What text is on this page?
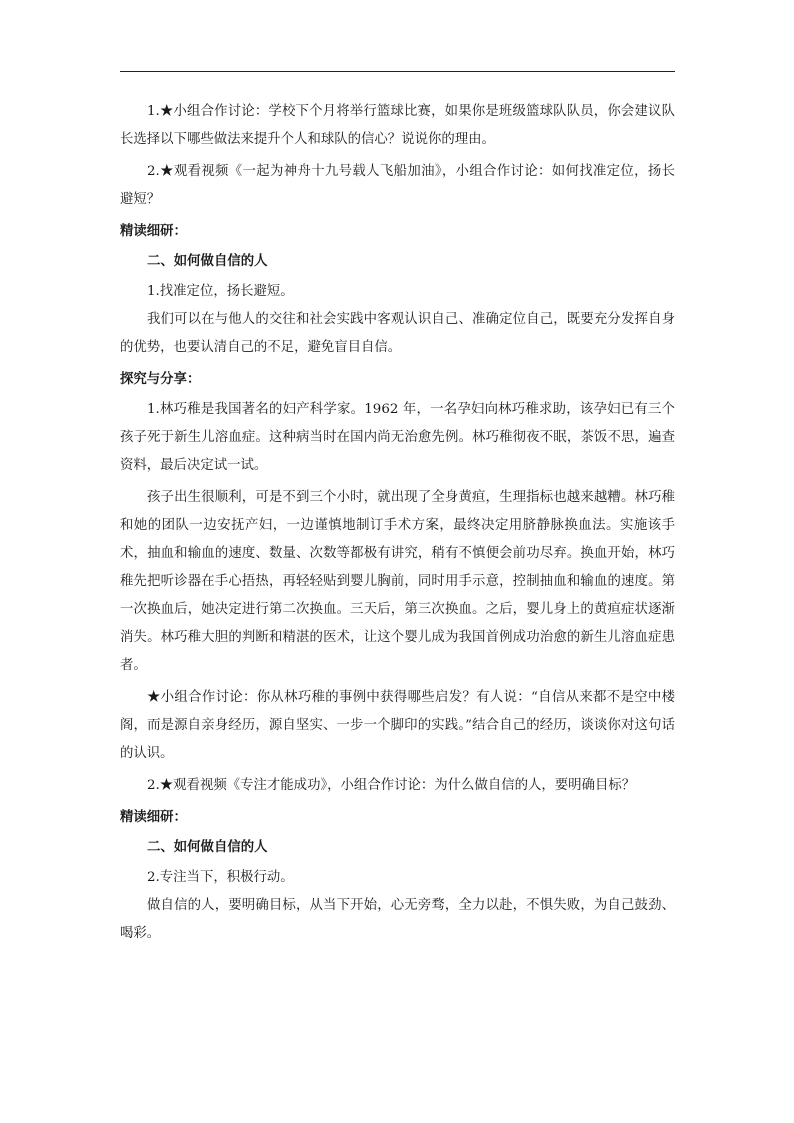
1.★小组合作讨论：学校下个月将举行篮球比赛，如果你是班级篮球队队员，你会建议队长选择以下哪些做法来提升个人和球队的信心？说说你的理由。

2.★观看视频《一起为神舟十九号载人飞船加油》，小组合作讨论：如何找准定位，扬长避短？

精读细研：
二、如何做自信的人

1.找准定位，扬长避短。

我们可以在与他人的交往和社会实践中客观认识自己、准确定位自己，既要充分发挥自身的优势，也要认清自己的不足，避免盲目自信。

探究与分享：

1.林巧稚是我国著名的妇产科学家。1962 年，一名孕妇向林巧稚求助，该孕妇已有三个孩子死于新生儿溶血症。这种病当时在国内尚无治愈先例。林巧稚彻夜不眠，茶饭不思，遍查资料，最后决定试一试。

孩子出生很顺利，可是不到三个小时，就出现了全身黄疸，生理指标也越来越糟。林巧稚和她的团队一边安抚产妇，一边谨慎地制订手术方案，最终决定用脐静脉换血法。实施该手术，抽血和输血的速度、数量、次数等都极有讲究，稍有不慎便会前功尽弃。换血开始，林巧稚先把听诊器在手心捂热，再轻轻贴到婴儿胸前，同时用手示意，控制抽血和输血的速度。第一次换血后，她决定进行第二次换血。三天后，第三次换血。之后，婴儿身上的黄疸症状逐渐消失。林巧稚大胆的判断和精湛的医术，让这个婴儿成为我国首例成功治愈的新生儿溶血症患者。

★小组合作讨论：你从林巧稚的事例中获得哪些启发？有人说：“自信从来都不是空中楼阁，而是源自亲身经历，源自坚实、一步一个脚印的实践。”结合自己的经历，谈谈你对这句话的认识。

2.★观看视频《专注才能成功》，小组合作讨论：为什么做自信的人，要明确目标？

精读细研：
二、如何做自信的人

2.专注当下，积极行动。

做自信的人，要明确目标，从当下开始，心无旁骛，全力以赴，不惧失败，为自己鼓劲、喝彩。
